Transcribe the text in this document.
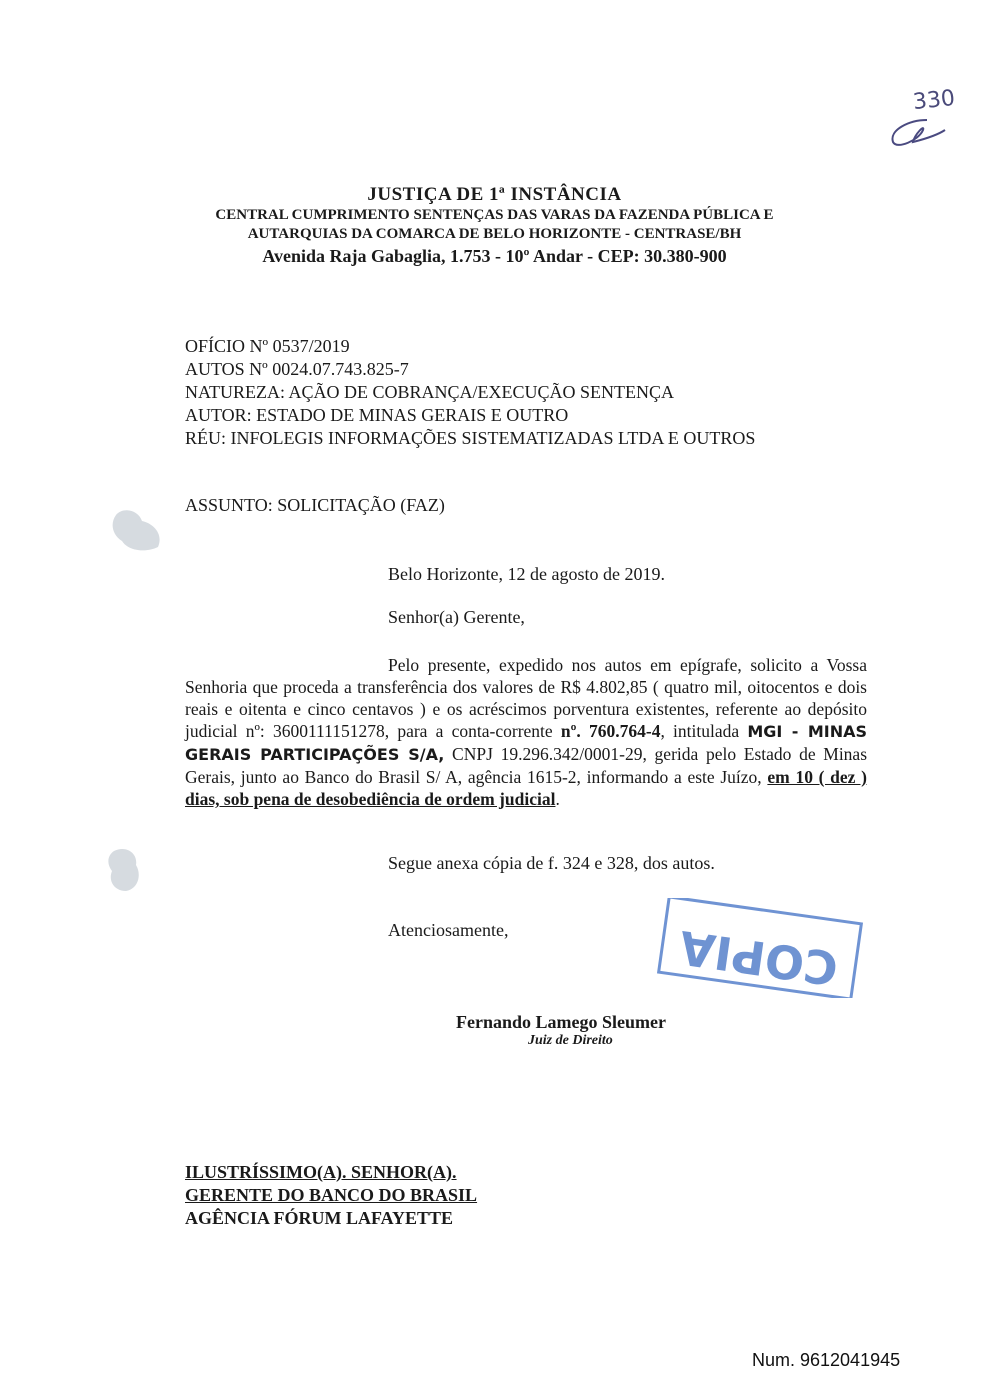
330
JUSTIÇA DE 1ª INSTÂNCIA
CENTRAL CUMPRIMENTO SENTENÇAS DAS VARAS DA FAZENDA PÚBLICA E
AUTARQUIAS DA COMARCA DE BELO HORIZONTE - CENTRASE/BH
Avenida Raja Gabaglia, 1.753 - 10º Andar - CEP: 30.380-900
OFÍCIO Nº 0537/2019
AUTOS Nº 0024.07.743.825-7
NATUREZA: AÇÃO DE COBRANÇA/EXECUÇÃO SENTENÇA
AUTOR: ESTADO DE MINAS GERAIS E OUTRO
RÉU: INFOLEGIS INFORMAÇÕES SISTEMATIZADAS LTDA E OUTROS
ASSUNTO: SOLICITAÇÃO (FAZ)
Belo Horizonte, 12 de agosto de 2019.
Senhor(a) Gerente,
Pelo presente, expedido nos autos em epígrafe, solicito a Vossa Senhoria que proceda a transferência dos valores de R$ 4.802,85 ( quatro mil, oitocentos e dois reais e oitenta e cinco centavos ) e os acréscimos porventura existentes, referente ao depósito judicial nº: 3600111151278, para a conta-corrente nº. 760.764-4, intitulada MGI - MINAS GERAIS PARTICIPAÇÕES S/A, CNPJ 19.296.342/0001-29, gerida pelo Estado de Minas Gerais, junto ao Banco do Brasil S/ A, agência 1615-2, informando a este Juízo, em 10 ( dez ) dias, sob pena de desobediência de ordem judicial.
Segue anexa cópia de f. 324 e 328, dos autos.
Atenciosamente,	COPIA
Fernando Lamego Sleumer
Juiz de Direito
ILUSTRÍSSIMO(A). SENHOR(A).
GERENTE DO BANCO DO BRASIL
AGÊNCIA FÓRUM LAFAYETTE
Num. 9612041945
